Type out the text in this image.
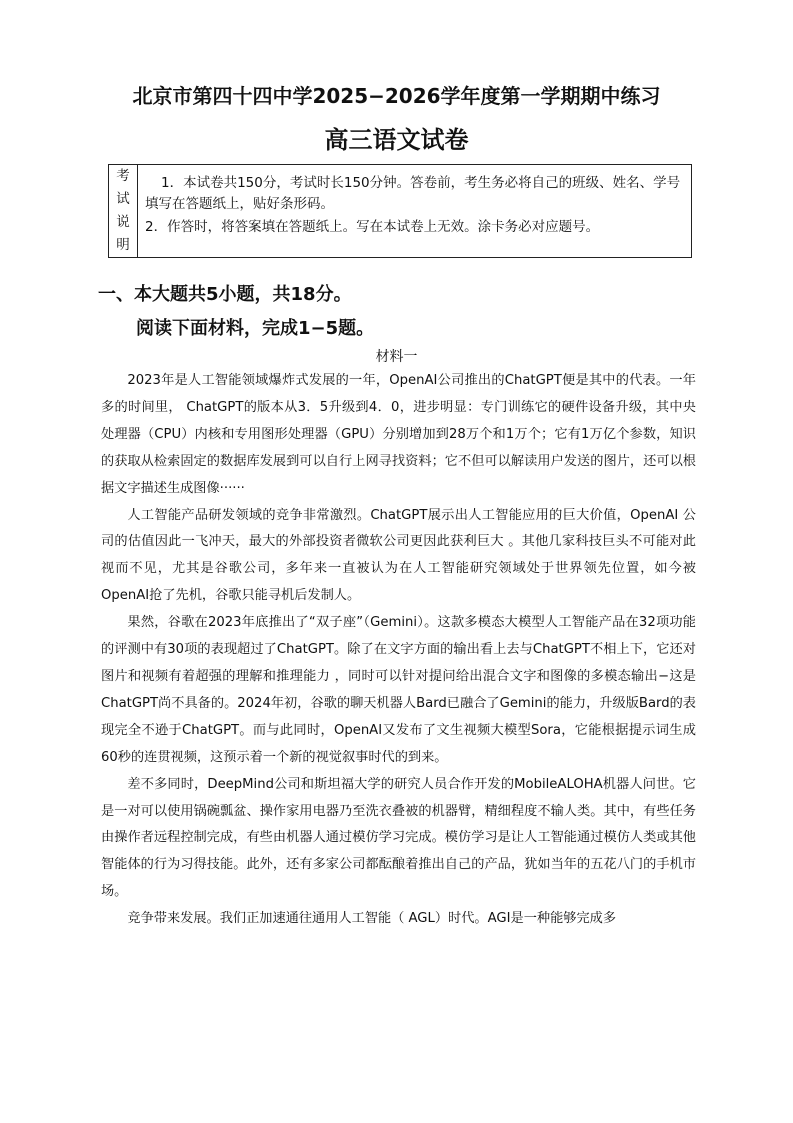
北京市第四十四中学2025−2026学年度第一学期期中练习
高三语文试卷
考
试
说
明
1．本试卷共150分，考试时长150分钟。答卷前，考生务必将自己的班级、姓名、学号填写在答题纸上，贴好条形码。
2．作答时，将答案填在答题纸上。写在本试卷上无效。涂卡务必对应题号。
一、本大题共5小题，共18分。
阅读下面材料，完成1−5题。
材料一

2023年是人工智能领域爆炸式发展的一年，OpenAI公司推出的ChatGPT便是其中的代表。一年多的时间里， ChatGPT的版本从3．5升级到4．0，进步明显：专门训练它的硬件设备升级，其中央处理器（CPU）内核和专用图形处理器（GPU）分别增加到28万个和1万个；它有1万亿个参数，知识的获取从检索固定的数据库发展到可以自行上网寻找资料；它不但可以解读用户发送的图片，还可以根据文字描述生成图像······

人工智能产品研发领域的竞争非常激烈。ChatGPT展示出人工智能应用的巨大价值，OpenAI 公司的估值因此一飞冲天，最大的外部投资者微软公司更因此获利巨大 。其他几家科技巨头不可能对此视而不见，尤其是谷歌公司，多年来一直被认为在人工智能研究领域处于世界领先位置，如今被 OpenAI抢了先机，谷歌只能寻机后发制人。

果然，谷歌在2023年底推出了“双子座”（Gemini）。这款多模态大模型人工智能产品在32项功能的评测中有30项的表现超过了ChatGPT。除了在文字方面的输出看上去与ChatGPT不相上下，它还对图片和视频有着超强的理解和推理能力 ，同时可以针对提问给出混合文字和图像的多模态输出−这是ChatGPT尚不具备的。2024年初，谷歌的聊天机器人Bard已融合了Gemini的能力，升级版Bard的表现完全不逊于ChatGPT。而与此同时，OpenAI又发布了文生视频大模型Sora，它能根据提示词生成60秒的连贯视频，这预示着一个新的视觉叙事时代的到来。

差不多同时，DeepMind公司和斯坦福大学的研究人员合作开发的MobileALOHA机器人问世。它是一对可以使用锅碗瓢盆、操作家用电器乃至洗衣叠被的机器臂，精细程度不输人类。其中，有些任务由操作者远程控制完成，有些由机器人通过模仿学习完成。模仿学习是让人工智能通过模仿人类或其他智能体的行为习得技能。此外，还有多家公司都酝酿着推出自己的产品，犹如当年的五花八门的手机市场。

竞争带来发展。我们正加速通往通用人工智能（ AGL）时代。AGI是一种能够完成多
